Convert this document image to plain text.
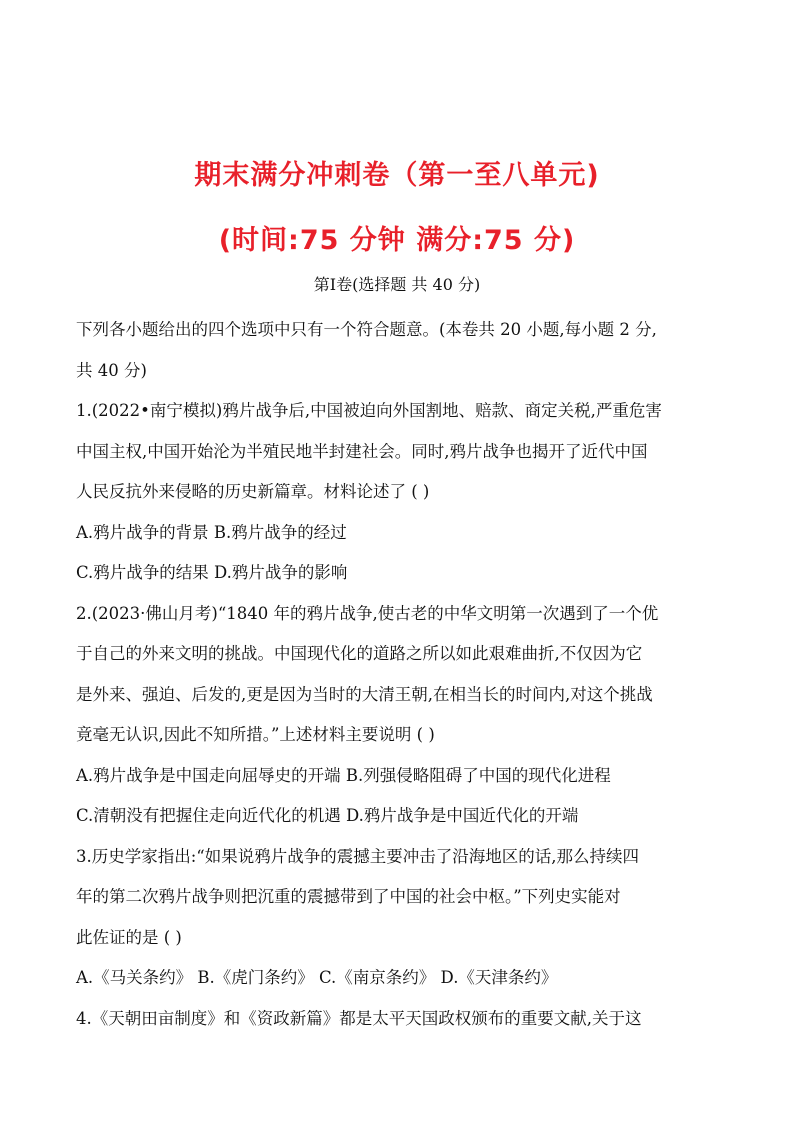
期末满分冲刺卷（第一至八单元)
(时间:75 分钟 满分:75 分)
第Ⅰ卷(选择题 共 40 分)
下列各小题给出的四个选项中只有一个符合题意。(本卷共 20 小题,每小题 2 分,
共 40 分)
1.(2022•南宁模拟)鸦片战争后,中国被迫向外国割地、赔款、商定关税,严重危害
中国主权,中国开始沦为半殖民地半封建社会。同时,鸦片战争也揭开了近代中国
人民反抗外来侵略的历史新篇章。材料论述了 ( )
A.鸦片战争的背景 B.鸦片战争的经过
C.鸦片战争的结果 D.鸦片战争的影响
2.(2023·佛山月考)“1840 年的鸦片战争,使古老的中华文明第一次遇到了一个优
于自己的外来文明的挑战。中国现代化的道路之所以如此艰难曲折,不仅因为它
是外来、强迫、后发的,更是因为当时的大清王朝,在相当长的时间内,对这个挑战
竟毫无认识,因此不知所措。”上述材料主要说明 ( )
A.鸦片战争是中国走向屈辱史的开端 B.列强侵略阻碍了中国的现代化进程
C.清朝没有把握住走向近代化的机遇 D.鸦片战争是中国近代化的开端
3.历史学家指出:“如果说鸦片战争的震撼主要冲击了沿海地区的话,那么持续四
年的第二次鸦片战争则把沉重的震撼带到了中国的社会中枢。”下列史实能对
此佐证的是 ( )
A.《马关条约》 B.《虎门条约》 C.《南京条约》 D.《天津条约》
4.《天朝田亩制度》和《资政新篇》都是太平天国政权颁布的重要文献,关于这
